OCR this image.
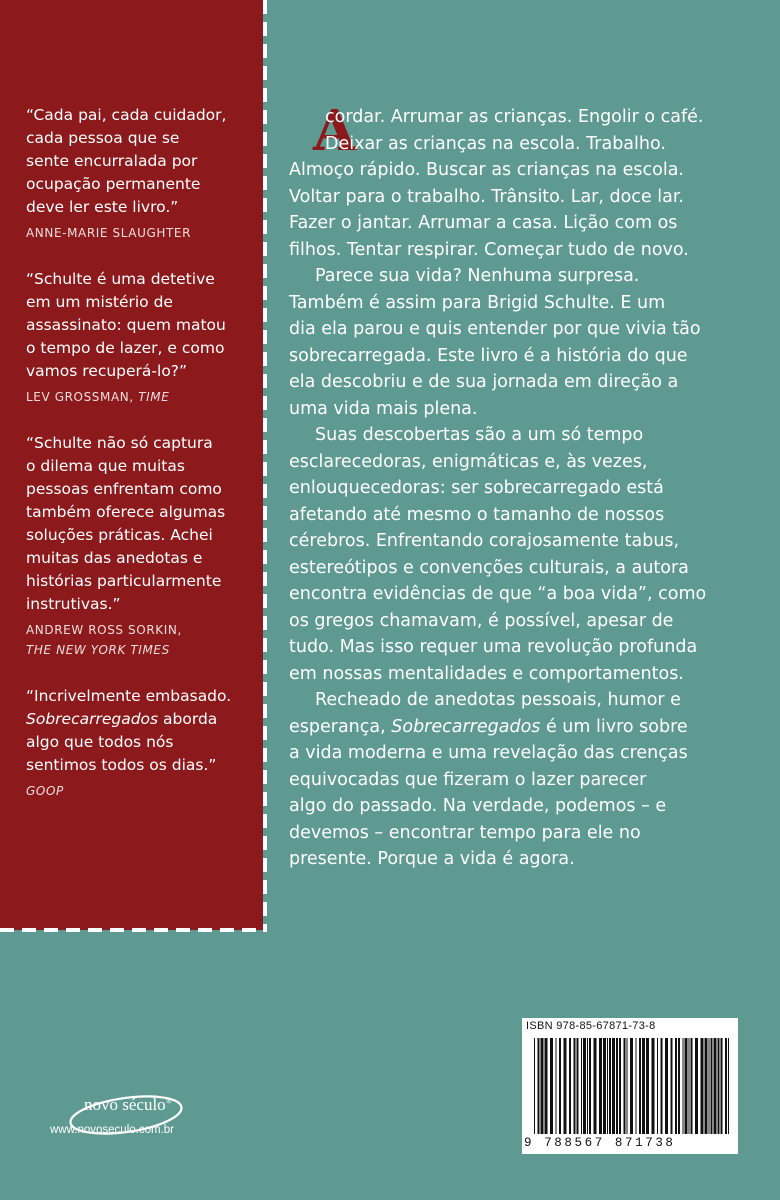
“Cada pai, cada cuidador,
cada pessoa que se
sente encurralada por
ocupação permanente
deve ler este livro.”
ANNE-MARIE SLAUGHTER
“Schulte é uma detetive
em um mistério de
assassinato: quem matou
o tempo de lazer, e como
vamos recuperá-lo?”
LEV GROSSMAN, TIME
“Schulte não só captura
o dilema que muitas
pessoas enfrentam como
também oferece algumas
soluções práticas. Achei
muitas das anedotas e
histórias particularmente
instrutivas.”
ANDREW ROSS SORKIN,
THE NEW YORK TIMES
“Incrivelmente embasado.
Sobrecarregados aborda
algo que todos nós
sentimos todos os dias.”
GOOP
A
cordar. Arrumar as crianças. Engolir o café.
Deixar as crianças na escola. Trabalho.
Almoço rápido. Buscar as crianças na escola.
Voltar para o trabalho. Trânsito. Lar, doce lar.
Fazer o jantar. Arrumar a casa. Lição com os
filhos. Tentar respirar. Começar tudo de novo.
Parece sua vida? Nenhuma surpresa.
Também é assim para Brigid Schulte. E um
dia ela parou e quis entender por que vivia tão
sobrecarregada. Este livro é a história do que
ela descobriu e de sua jornada em direção a
uma vida mais plena.
Suas descobertas são a um só tempo
esclarecedoras, enigmáticas e, às vezes,
enlouquecedoras: ser sobrecarregado está
afetando até mesmo o tamanho de nossos
cérebros. Enfrentando corajosamente tabus,
estereótipos e convenções culturais, a autora
encontra evidências de que “a boa vida”, como
os gregos chamavam, é possível, apesar de
tudo. Mas isso requer uma revolução profunda
em nossas mentalidades e comportamentos.
Recheado de anedotas pessoais, humor e
esperança, Sobrecarregados é um livro sobre
a vida moderna e uma revelação das crenças
equivocadas que fizeram o lazer parecer
algo do passado. Na verdade, podemos – e
devemos – encontrar tempo para ele no
presente. Porque a vida é agora.
ISBN 978-85-67871-73-8
9 788567 871738
novo século®
www.novoseculo.com.br
